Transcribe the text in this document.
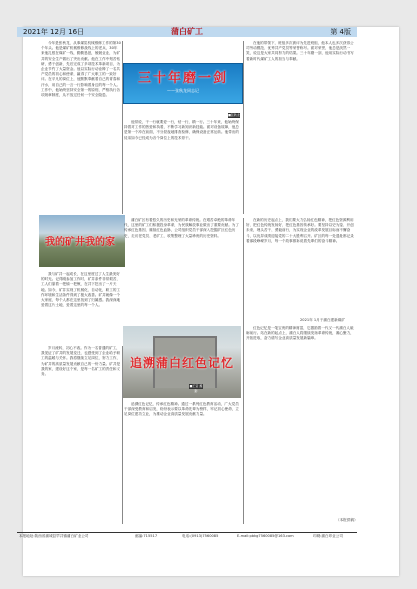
2021年 12月 16日	蒲白矿工	第 4版
今年是张秋龙，从事煤炭机械维修工作的第30个年头。他是煤矿机械维修战线上的老兵，30年来他扎根在煤矿一线，勤勤恳恳，兢兢业业，为矿井的安全生产做出了突出贡献。他在工作中刻苦钻研，勇于创新，先后完成了多项技术革新项目，为企业节约了大量资金。他以实际行动诠释了一名共产党员的初心和使命，赢得了广大职工的一致好评。在平凡的岗位上，他默默奉献着自己的青春和汗水，用自己的一言一行影响着身边的每一个人。工作中，他始终坚持安全第一的原则，严格执行各项规章制度，从不放过任何一个安全隐患。
三十年磨一剑
——张秋龙同志记
■张秋龙
他常说，干一行就要爱一行，钻一行，精一行。三十年来，他始终保持着对工作的热爱和执着，不断学习新知识新技能。面对设备故障，他总是第一个冲在前面，不分昼夜地排查检修，确保设备正常运转。他带出的徒弟如今已经成为各个岗位上的技术骨干。
在他的带领下，班组多次被评为先进班组，他本人也多次获得公司劳动模范、优秀共产党员等荣誉称号。面对荣誉，他总是淡然一笑，说这是大家共同努力的结果。三十年磨一剑，他用实际行动书写着新时代煤矿工人的担当与奉献。
我的矿井我的家
我与矿井一起成长，在这里度过了人生最美好的时光。记得刚参加工作时，矿井条件非常艰苦，工人们靠着一把镐一把锹，在井下挖出了一片天地。如今，矿井实现了机械化、自动化，职工的工作环境和生活条件得到了极大改善。矿井就像一个大家庭，每个人都在这里找到了归属感。我深深地爱着这片土地，爱着这里的每一个人。
蒲白矿区有着悠久的历史和光荣的革命传统。在艰苦卓绝的革命年代，这里的矿工们积极投身革命，为民族解放事业做出了重要贡献。为了传承红色基因，赓续红色血脉，公司组织党员干部深入挖掘矿区红色历史，走访老党员、老矿工，收集整理了大量珍贵的历史资料。
在新的历史起点上，我们要大力弘扬红色精神，把红色资源利用好、把红色传统发扬好、把红色基因传承好。要坚持以史为鉴、开创未来，埋头苦干、勇毅前行，为实现企业的改革发展目标而不懈奋斗，以优异成绩迎接党的二十大胜利召开。矿区的每一处遗址都记录着那段峥嵘岁月，每一个故事都诉说着先辈们的奋斗精神。
2021年 1月于蒲白建新煤矿
追溯蒲白红色记忆
■王莹 摄影
岁月流转，初心不改。作为一名普通的矿工，我见证了矿井的发展变迁，也感受到了企业给予职工的温暖与关怀。我将继续立足岗位，努力工作，为矿井的高质量发展贡献自己的一份力量。矿井是我的家，建设好这个家，是每一名矿工的责任和义务。
追溯红色记忆，传承红色精神。通过一系列红色教育活动，广大党员干部深受教育和启发，纷纷表示要以革命先辈为榜样，牢记初心使命，立足岗位建功立业，为推动企业高质量发展贡献力量。
红色记忆是一笔宝贵的精神财富，它激励着一代又一代蒲白人砥砺前行。站在新的起点上，蒲白人将继续发扬革命传统，凝心聚力，开拓进取，奋力谱写企业高质量发展新篇章。
（本报供稿）
本报地址:陕西省蒲城县罕井镇蒲白矿业公司	邮编:715517	电话:(0913)7560085	E-mail:pbkg7560085@163.com	印刷:蒲白印业公司
